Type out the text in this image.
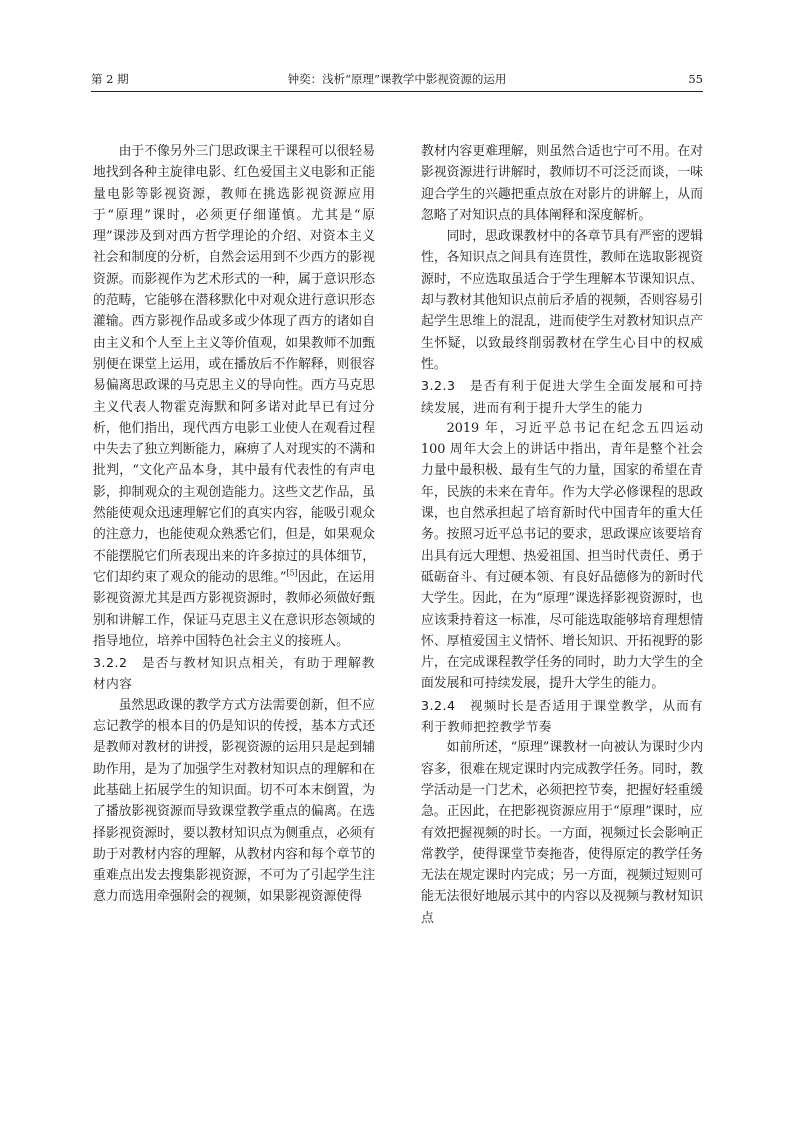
第 2 期	钟奕：浅析“原理”课教学中影视资源的运用	55

由于不像另外三门思政课主干课程可以很轻易地找到各种主旋律电影、红色爱国主义电影和正能量电影等影视资源，教师在挑选影视资源应用于“原理”课时，必须更仔细谨慎。尤其是“原理”课涉及到对西方哲学理论的介绍、对资本主义社会和制度的分析，自然会运用到不少西方的影视资源。而影视作为艺术形式的一种，属于意识形态的范畴，它能够在潜移默化中对观众进行意识形态灌输。西方影视作品或多或少体现了西方的诸如自由主义和个人至上主义等价值观，如果教师不加甄别便在课堂上运用，或在播放后不作解释，则很容易偏离思政课的马克思主义的导向性。西方马克思主义代表人物霍克海默和阿多诺对此早已有过分析，他们指出，现代西方电影工业使人在观看过程中失去了独立判断能力，麻痹了人对现实的不满和批判，“文化产品本身，其中最有代表性的有声电影，抑制观众的主观创造能力。这些文艺作品，虽然能使观众迅速理解它们的真实内容，能吸引观众的注意力，也能使观众熟悉它们，但是，如果观众不能摆脱它们所表现出来的许多掠过的具体细节，它们却约束了观众的能动的思维。”[5]因此，在运用影视资源尤其是西方影视资源时，教师必须做好甄别和讲解工作，保证马克思主义在意识形态领域的指导地位，培养中国特色社会主义的接班人。

3.2.2　是否与教材知识点相关，有助于理解教材内容

虽然思政课的教学方式方法需要创新，但不应忘记教学的根本目的仍是知识的传授，基本方式还是教师对教材的讲授，影视资源的运用只是起到辅助作用，是为了加强学生对教材知识点的理解和在此基础上拓展学生的知识面。切不可本末倒置，为了播放影视资源而导致课堂教学重点的偏离。在选择影视资源时，要以教材知识点为侧重点，必须有助于对教材内容的理解，从教材内容和每个章节的重难点出发去搜集影视资源，不可为了引起学生注意力而选用牵强附会的视频，如果影视资源使得

教材内容更难理解，则虽然合适也宁可不用。在对影视资源进行讲解时，教师切不可泛泛而谈，一味迎合学生的兴趣把重点放在对影片的讲解上，从而忽略了对知识点的具体阐释和深度解析。

同时，思政课教材中的各章节具有严密的逻辑性，各知识点之间具有连贯性，教师在选取影视资源时，不应选取虽适合于学生理解本节课知识点、却与教材其他知识点前后矛盾的视频，否则容易引起学生思维上的混乱，进而使学生对教材知识点产生怀疑，以致最终削弱教材在学生心目中的权威性。

3.2.3　是否有利于促进大学生全面发展和可持续发展，进而有利于提升大学生的能力

2019 年，习近平总书记在纪念五四运动 100 周年大会上的讲话中指出，青年是整个社会力量中最积极、最有生气的力量，国家的希望在青年，民族的未来在青年。作为大学必修课程的思政课，也自然承担起了培育新时代中国青年的重大任务。按照习近平总书记的要求，思政课应该要培育出具有远大理想、热爱祖国、担当时代责任、勇于砥砺奋斗、有过硬本领、有良好品德修为的新时代大学生。因此，在为“原理”课选择影视资源时，也应该秉持着这一标准，尽可能选取能够培育理想情怀、厚植爱国主义情怀、增长知识、开拓视野的影片，在完成课程教学任务的同时，助力大学生的全面发展和可持续发展，提升大学生的能力。

3.2.4　视频时长是否适用于课堂教学，从而有利于教师把控教学节奏

如前所述，“原理”课教材一向被认为课时少内容多，很难在规定课时内完成教学任务。同时，教学活动是一门艺术，必须把控节奏，把握好轻重缓急。正因此，在把影视资源应用于“原理”课时，应有效把握视频的时长。一方面，视频过长会影响正常教学，使得课堂节奏拖沓，使得原定的教学任务无法在规定课时内完成；另一方面，视频过短则可能无法很好地展示其中的内容以及视频与教材知识点
